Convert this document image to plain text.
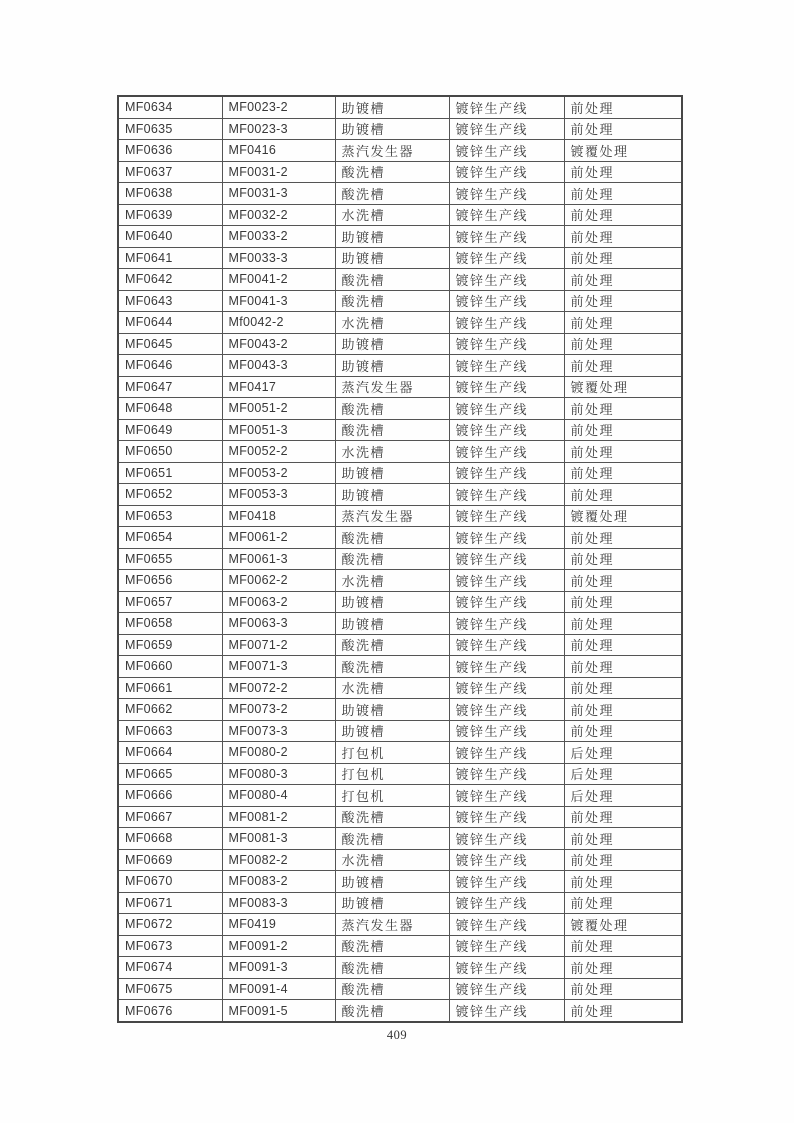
MF0634	MF0023-2	助镀槽	镀锌生产线	前处理
MF0635	MF0023-3	助镀槽	镀锌生产线	前处理
MF0636	MF0416	蒸汽发生器	镀锌生产线	镀覆处理
MF0637	MF0031-2	酸洗槽	镀锌生产线	前处理
MF0638	MF0031-3	酸洗槽	镀锌生产线	前处理
MF0639	MF0032-2	水洗槽	镀锌生产线	前处理
MF0640	MF0033-2	助镀槽	镀锌生产线	前处理
MF0641	MF0033-3	助镀槽	镀锌生产线	前处理
MF0642	MF0041-2	酸洗槽	镀锌生产线	前处理
MF0643	MF0041-3	酸洗槽	镀锌生产线	前处理
MF0644	Mf0042-2	水洗槽	镀锌生产线	前处理
MF0645	MF0043-2	助镀槽	镀锌生产线	前处理
MF0646	MF0043-3	助镀槽	镀锌生产线	前处理
MF0647	MF0417	蒸汽发生器	镀锌生产线	镀覆处理
MF0648	MF0051-2	酸洗槽	镀锌生产线	前处理
MF0649	MF0051-3	酸洗槽	镀锌生产线	前处理
MF0650	MF0052-2	水洗槽	镀锌生产线	前处理
MF0651	MF0053-2	助镀槽	镀锌生产线	前处理
MF0652	MF0053-3	助镀槽	镀锌生产线	前处理
MF0653	MF0418	蒸汽发生器	镀锌生产线	镀覆处理
MF0654	MF0061-2	酸洗槽	镀锌生产线	前处理
MF0655	MF0061-3	酸洗槽	镀锌生产线	前处理
MF0656	MF0062-2	水洗槽	镀锌生产线	前处理
MF0657	MF0063-2	助镀槽	镀锌生产线	前处理
MF0658	MF0063-3	助镀槽	镀锌生产线	前处理
MF0659	MF0071-2	酸洗槽	镀锌生产线	前处理
MF0660	MF0071-3	酸洗槽	镀锌生产线	前处理
MF0661	MF0072-2	水洗槽	镀锌生产线	前处理
MF0662	MF0073-2	助镀槽	镀锌生产线	前处理
MF0663	MF0073-3	助镀槽	镀锌生产线	前处理
MF0664	MF0080-2	打包机	镀锌生产线	后处理
MF0665	MF0080-3	打包机	镀锌生产线	后处理
MF0666	MF0080-4	打包机	镀锌生产线	后处理
MF0667	MF0081-2	酸洗槽	镀锌生产线	前处理
MF0668	MF0081-3	酸洗槽	镀锌生产线	前处理
MF0669	MF0082-2	水洗槽	镀锌生产线	前处理
MF0670	MF0083-2	助镀槽	镀锌生产线	前处理
MF0671	MF0083-3	助镀槽	镀锌生产线	前处理
MF0672	MF0419	蒸汽发生器	镀锌生产线	镀覆处理
MF0673	MF0091-2	酸洗槽	镀锌生产线	前处理
MF0674	MF0091-3	酸洗槽	镀锌生产线	前处理
MF0675	MF0091-4	酸洗槽	镀锌生产线	前处理
MF0676	MF0091-5	酸洗槽	镀锌生产线	前处理
409
